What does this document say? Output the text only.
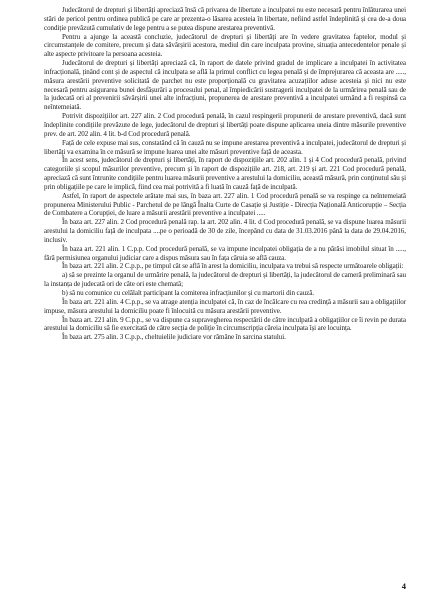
Judecătorul de drepturi și libertăți apreciază însă că privarea de libertate a inculpatei nu este necesară pentru înlăturarea unei stări de pericol pentru ordinea publică pe care ar prezenta-o lăsarea acesteia în libertate, nefiind astfel îndeplinită și cea de-a doua condiție prevăzută cumulativ de lege pentru a se putea dispune arestarea preventivă.

Pentru a ajunge la această concluzie, judecătorul de drepturi și libertăți are în vedere gravitatea faptelor, modul și circumstanțele de comitere, precum și data săvârșirii acestora, mediul din care inculpata provine, situația antecedentelor penale și alte aspecte privitoare la persoana acesteia.

Judecătorul de drepturi și libertăți apreciază că, în raport de datele privind gradul de implicare a inculpatei în activitatea infracțională, ținând cont și de aspectul că inculpata se află la primul conflict cu legea penală și de împrejurarea că aceasta are ....., măsura arestării preventive solicitată de parchet nu este proporțională cu gravitatea acuzațiilor aduse acesteia și nici nu este necesară pentru asigurarea bunei desfășurări a procesului penal, al împiedicării sustragerii inculpatei de la urmărirea penală sau de la judecată ori al prevenirii săvârșirii unei alte infracțiuni, propunerea de arestare preventivă a inculpatei urmând a fi respinsă ca neîntemeiată.

Potrivit dispozițiilor art. 227 alin. 2 Cod procedură penală, în cazul respingerii propunerii de arestare preventivă, dacă sunt îndeplinite condițiile prevăzute de lege, judecătorul de drepturi și libertăți poate dispune aplicarea uneia dintre măsurile preventive prev. de art. 202 alin. 4 lit. b-d Cod procedură penală.

Față de cele expuse mai sus, constatând că în cauză nu se impune arestarea preventivă a inculpatei, judecătorul de drepturi și libertăți va examina în ce măsură se impune luarea unei alte măsuri preventive față de aceasta.

În acest sens, judecătorul de drepturi și libertăți, în raport de dispozițiile art. 202 alin. 1 și 4 Cod procedură penală, privind categoriile și scopul măsurilor preventive, precum și în raport de dispozițiile art. 218, art. 219 și art. 221 Cod procedură penală, apreciază că sunt întrunite condițiile pentru luarea măsurii preventive a arestului la domiciliu, această măsură, prin conținutul său și prin obligațiile pe care le implică, fiind cea mai potrivită a fi luată în cauză față de inculpată.

Astfel, în raport de aspectele arătate mai sus, în baza art. 227 alin. 1 Cod procedură penală se va respinge ca neîntemeiată propunerea Ministerului Public - Parchetul de pe lângă Înalta Curte de Casație și Justiție - Direcția Națională Anticorupție – Secția de Combatere a Corupției, de luare a măsurii arestării preventive a inculpatei .....

În baza art. 227 alin. 2 Cod procedură penală rap. la art. 202 alin. 4 lit. d Cod procedură penală, se va dispune luarea măsurii arestului la domiciliu față de inculpata ....pe o perioadă de 30 de zile, începând cu data de 31.03.2016 până la data de 29.04.2016, inclusiv.

În baza art. 221 alin. 1 C.p.p. Cod procedură penală, se va impune inculpatei obligația de a nu părăsi imobilul situat în ....., fără permisiunea organului judiciar care a dispus măsura sau în fața căruia se află cauza.

În baza art. 221 alin. 2 C.p.p., pe timpul cât se află în arest la domiciliu, inculpata va trebui să respecte următoarele obligații:

a) să se prezinte la organul de urmărire penală, la judecătorul de drepturi și libertăți, la judecătorul de cameră preliminară sau la instanța de judecată ori de câte ori este chemată;

b) să nu comunice cu celălalt participant la comiterea infracțiunilor și cu martorii din cauză.

În baza art. 221 alin. 4 C.p.p., se va atrage atenția inculpatei că, în caz de încălcare cu rea credință a măsurii sau a obligațiilor impuse, măsura arestului la domiciliu poate fi înlocuită cu măsura arestării preventive.

În baza art. 221 alin. 9 C.p.p., se va dispune ca supravegherea respectării de către inculpată a obligațiilor ce îi revin pe durata arestului la domiciliu să fie exercitată de către secția de poliție în circumscripția căreia inculpata își are locuința.

În baza art. 275 alin. 3 C.p.p., cheltuielile judiciare vor rămâne în sarcina statului.

4
